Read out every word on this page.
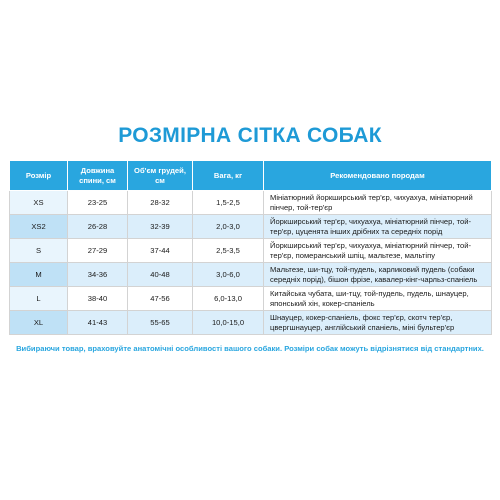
РОЗМІРНА СІТКА СОБАК
Розмір	Довжина спини, см	Об'єм грудей, см	Вага, кг	Рекомендовано породам
XS	23-25	28-32	1,5-2,5	Мініатюрний йоркширський тер'єр, чихуахуа, мініатюрний пінчер, той-тер'єр
XS2	26-28	32-39	2,0-3,0	Йоркширський тер'єр, чихуахуа, мініатюрний пінчер, той-тер'єр, цуценята інших дрібних та середніх порід
S	27-29	37-44	2,5-3,5	Йоркширський тер'єр, чихуахуа, мініатюрний пінчер, той-тер'єр, померанський шпіц, мальтезе, мальтіпу
M	34-36	40-48	3,0-6,0	Мальтезе, ши-тцу, той-пудель, карликовий пудель (собаки середніх порід), бішон фрізе, кавалер-кінг-чарльз-спаніель
L	38-40	47-56	6,0-13,0	Китайська чубата, ши-тцу, той-пудель, пудель, шнауцер, японський хін, кокер-спаніель
XL	41-43	55-65	10,0-15,0	Шнауцер, кокер-спаніель, фокс тер'єр, скотч тер'єр, цвергшнауцер, англійський спаніель, міні бультер'єр

Вибираючи товар, враховуйте анатомічні особливості вашого собаки. Розміри собак можуть відрізнятися від стандартних.
